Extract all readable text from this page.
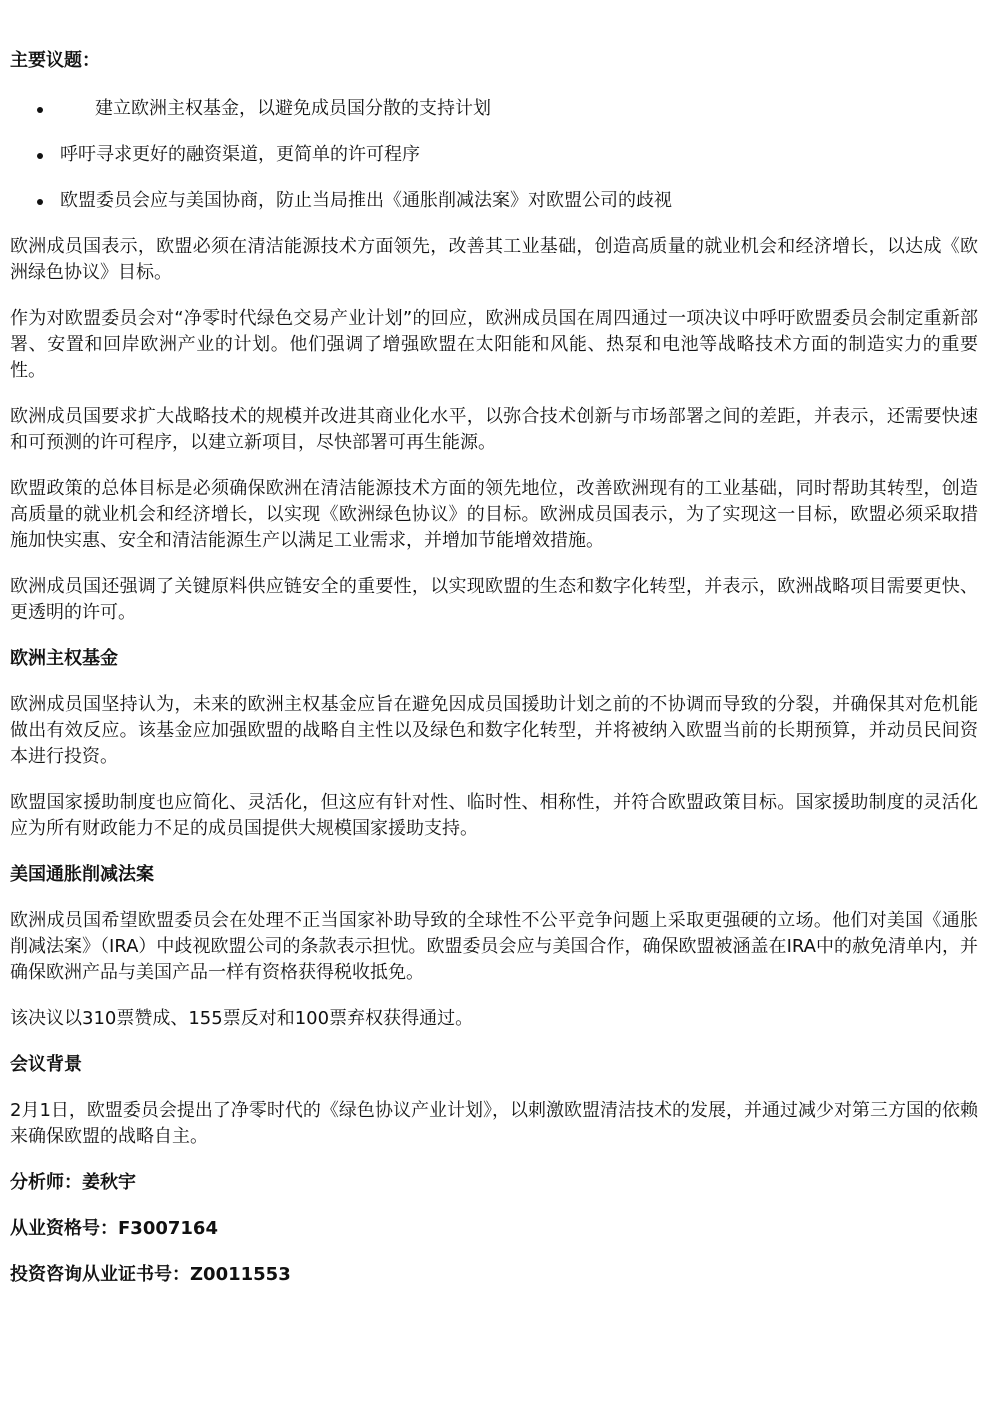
主要议题：

建立欧洲主权基金，以避免成员国分散的支持计划
呼吁寻求更好的融资渠道，更简单的许可程序
欧盟委员会应与美国协商，防止当局推出《通胀削减法案》对欧盟公司的歧视

欧洲成员国表示，欧盟必须在清洁能源技术方面领先，改善其工业基础，创造高质量的就业机会和经济增长，以达成《欧洲绿色协议》目标。

作为对欧盟委员会对“净零时代绿色交易产业计划”的回应，欧洲成员国在周四通过一项决议中呼吁欧盟委员会制定重新部署、安置和回岸欧洲产业的计划。他们强调了增强欧盟在太阳能和风能、热泵和电池等战略技术方面的制造实力的重要性。

欧洲成员国要求扩大战略技术的规模并改进其商业化水平，以弥合技术创新与市场部署之间的差距，并表示，还需要快速和可预测的许可程序，以建立新项目，尽快部署可再生能源。

欧盟政策的总体目标是必须确保欧洲在清洁能源技术方面的领先地位，改善欧洲现有的工业基础，同时帮助其转型，创造高质量的就业机会和经济增长，以实现《欧洲绿色协议》的目标。欧洲成员国表示，为了实现这一目标，欧盟必须采取措施加快实惠、安全和清洁能源生产以满足工业需求，并增加节能增效措施。

欧洲成员国还强调了关键原料供应链安全的重要性，以实现欧盟的生态和数字化转型，并表示，欧洲战略项目需要更快、更透明的许可。

欧洲主权基金

欧洲成员国坚持认为，未来的欧洲主权基金应旨在避免因成员国援助计划之前的不协调而导致的分裂，并确保其对危机能做出有效反应。该基金应加强欧盟的战略自主性以及绿色和数字化转型，并将被纳入欧盟当前的长期预算，并动员民间资本进行投资。

欧盟国家援助制度也应简化、灵活化，但这应有针对性、临时性、相称性，并符合欧盟政策目标。国家援助制度的灵活化应为所有财政能力不足的成员国提供大规模国家援助支持。

美国通胀削减法案

欧洲成员国希望欧盟委员会在处理不正当国家补助导致的全球性不公平竞争问题上采取更强硬的立场。他们对美国《通胀削减法案》（IRA）中歧视欧盟公司的条款表示担忧。欧盟委员会应与美国合作，确保欧盟被涵盖在IRA中的赦免清单内，并确保欧洲产品与美国产品一样有资格获得税收抵免。

该决议以310票赞成、155票反对和100票弃权获得通过。

会议背景

2月1日，欧盟委员会提出了净零时代的《绿色协议产业计划》，以刺激欧盟清洁技术的发展，并通过减少对第三方国的依赖来确保欧盟的战略自主。

分析师：姜秋宇

从业资格号：F3007164

投资咨询从业证书号：Z0011553
